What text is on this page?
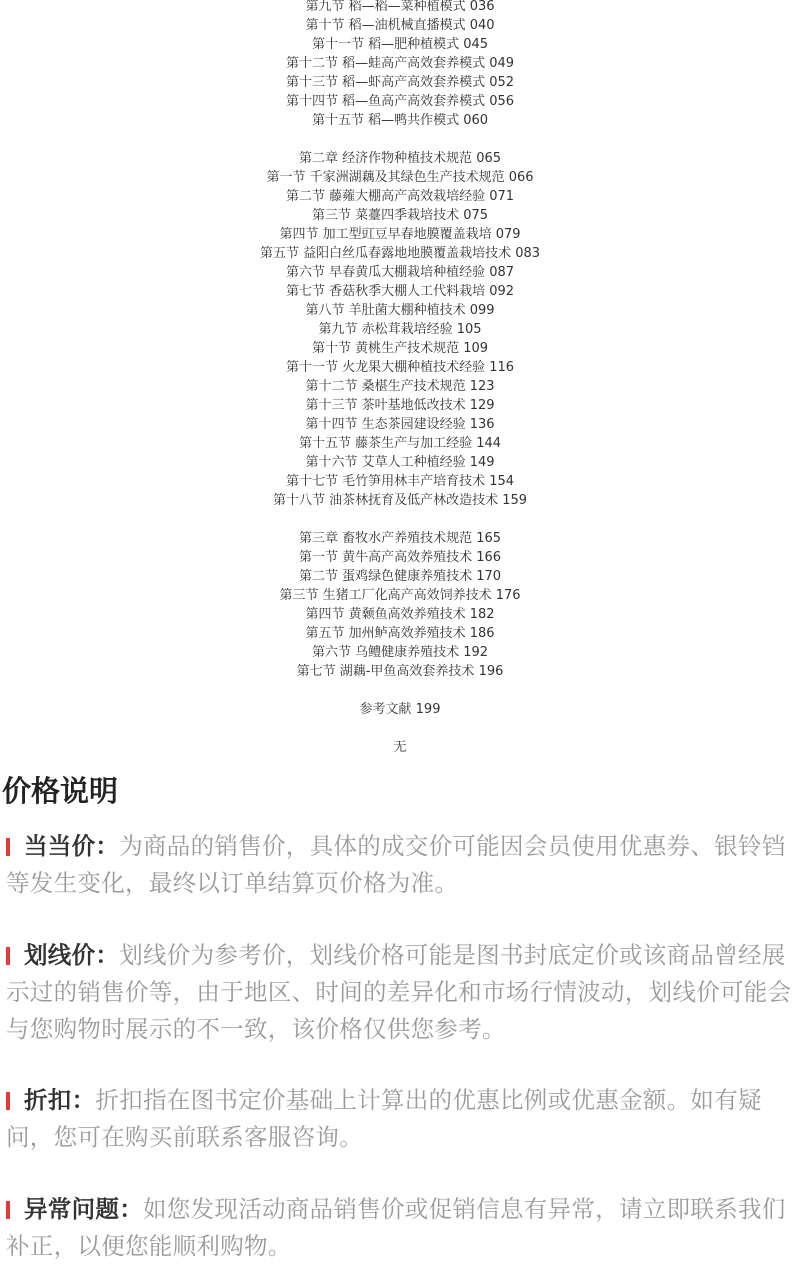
第九节 稻—稻—菜种植模式 036
第十节 稻—油机械直播模式 040
第十一节 稻—肥种植模式 045
第十二节 稻—蛙高产高效套养模式 049
第十三节 稻—虾高产高效套养模式 052
第十四节 稻—鱼高产高效套养模式 056
第十五节 稻—鸭共作模式 060
第二章 经济作物种植技术规范 065
第一节 千家洲湖藕及其绿色生产技术规范 066
第二节 藤蕹大棚高产高效栽培经验 071
第三节 菜薹四季栽培技术 075
第四节 加工型豇豆早春地膜覆盖栽培 079
第五节 益阳白丝瓜春露地地膜覆盖栽培技术 083
第六节 早春黄瓜大棚栽培种植经验 087
第七节 香菇秋季大棚人工代料栽培 092
第八节 羊肚菌大棚种植技术 099
第九节 赤松茸栽培经验 105
第十节 黄桃生产技术规范 109
第十一节 火龙果大棚种植技术经验 116
第十二节 桑椹生产技术规范 123
第十三节 茶叶基地低改技术 129
第十四节 生态茶园建设经验 136
第十五节 藤茶生产与加工经验 144
第十六节 艾草人工种植经验 149
第十七节 毛竹笋用林丰产培育技术 154
第十八节 油茶林抚育及低产林改造技术 159
第三章 畜牧水产养殖技术规范 165
第一节 黄牛高产高效养殖技术 166
第二节 蛋鸡绿色健康养殖技术 170
第三节 生猪工厂化高产高效饲养技术 176
第四节 黄颡鱼高效养殖技术 182
第五节 加州鲈高效养殖技术 186
第六节 乌鳢健康养殖技术 192
第七节 湖藕-甲鱼高效套养技术 196
参考文献 199
无
价格说明
当当价：为商品的销售价，具体的成交价可能因会员使用优惠券、银铃铛等发生变化，最终以订单结算页价格为准。
划线价：划线价为参考价，划线价格可能是图书封底定价或该商品曾经展示过的销售价等，由于地区、时间的差异化和市场行情波动，划线价可能会与您购物时展示的不一致，该价格仅供您参考。
折扣：折扣指在图书定价基础上计算出的优惠比例或优惠金额。如有疑问，您可在购买前联系客服咨询。
异常问题：如您发现活动商品销售价或促销信息有异常，请立即联系我们补正，以便您能顺利购物。
